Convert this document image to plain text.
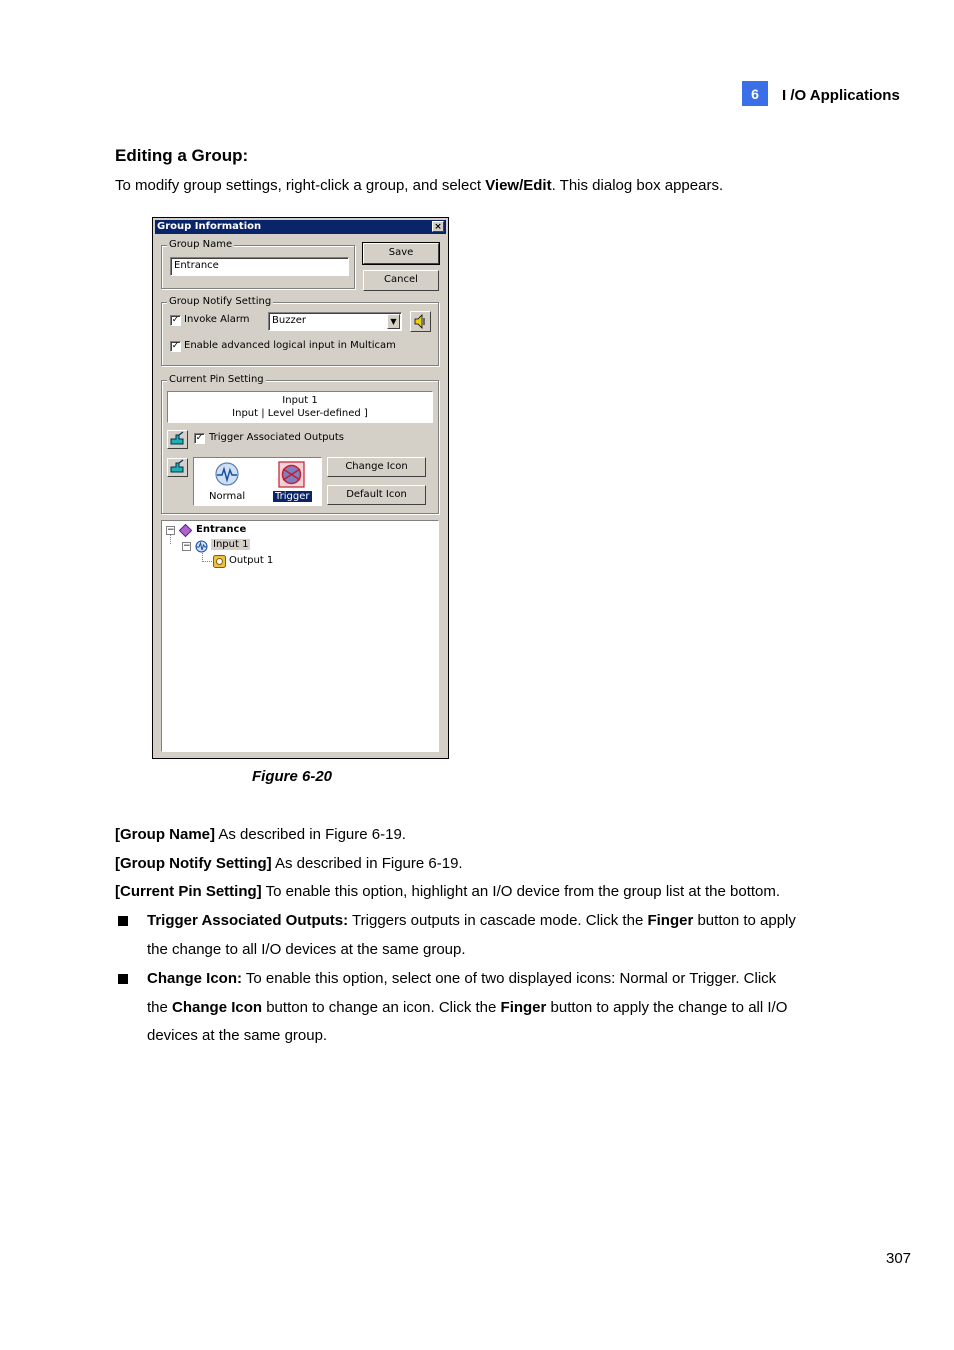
6	I /O Applications
Editing a Group:
To modify group settings, right-click a group, and select View/Edit. This dialog box appears.
Group Information	×
Group Name
Entrance
Save
Cancel
Group Notify Setting
✓ Invoke Alarm	Buzzer	▼
✓ Enable advanced logical input in Multicam
Current Pin Setting
Input 1
Input | Level User-defined ]
✓ Trigger Associated Outputs
Normal	Trigger
Change Icon
Default Icon
− Entrance
− Input 1
Output 1
Figure 6-20
[Group Name] As described in Figure 6-19.
[Group Notify Setting] As described in Figure 6-19.
[Current Pin Setting] To enable this option, highlight an I/O device from the group list at the bottom.
Trigger Associated Outputs: Triggers outputs in cascade mode. Click the Finger button to apply
the change to all I/O devices at the same group.
Change Icon: To enable this option, select one of two displayed icons: Normal or Trigger. Click
the Change Icon button to change an icon. Click the Finger button to apply the change to all I/O
devices at the same group.
307
